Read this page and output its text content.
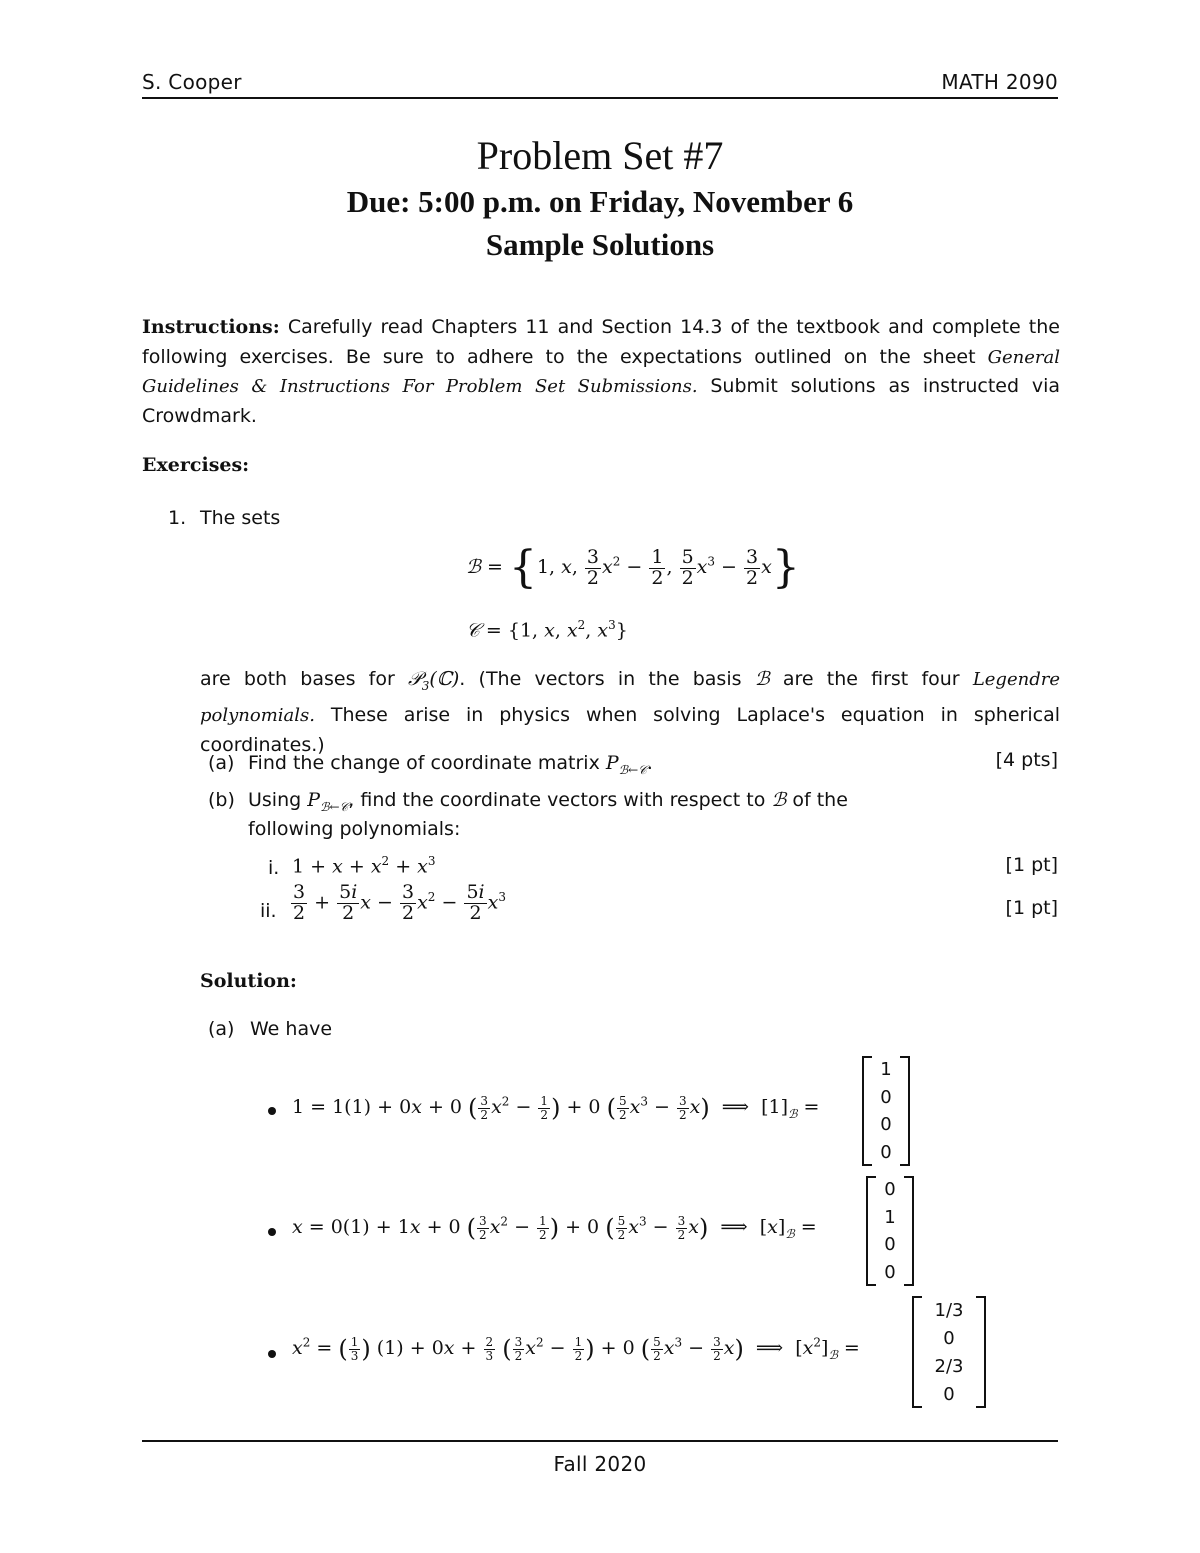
S. Cooper	MATH 2090
Problem Set #7
Due: 5:00 p.m. on Friday, November 6
Sample Solutions
Instructions: Carefully read Chapters 11 and Section 14.3 of the textbook and complete the following exercises. Be sure to adhere to the expectations outlined on the sheet General Guidelines & Instructions For Problem Set Submissions. Submit solutions as instructed via Crowdmark.
Exercises:
1. The sets
ℬ = {1, x, $\frac{3}{2} x^2 - \frac{1}{2}$ , $\frac{5}{2} x^3 - \frac{3}{2} x$}
𝒞 = {1, x, $x^2$, $x^3$}
are both bases for 𝒫$_3$(ℂ). (The vectors in the basis ℬ are the first four Legendre polynomials. These arise in physics when solving Laplace's equation in spherical coordinates.)
(a) Find the change of coordinate matrix $P_{ℬ\leftarrow 𝒞}$.	[4 pts]
(b) Using $P_{ℬ\leftarrow 𝒞}$, find the coordinate vectors with respect to ℬ of the
following polynomials:
i. $1 + x + x^2 + x^3$	[1 pt]
ii. $\frac{3}{2} + \frac{5i}{2}$ $x - \frac{3}{2} x^2 - \frac{5i}{2} x^3$	[1 pt]
Solution:
(a) We have
1 = 1(1) + 0x + 0 ( $\frac{3}{2} x^2 - \frac{1}{2}$ ) + 0 ( $\frac{5}{2} x^3 - \frac{3}{2} x$)  ⟹  $[1]_ℬ$ =
1
0
0
0
x = 0(1) + 1x + 0 ( $\frac{3}{2} x^2 - \frac{1}{2}$ ) + 0 ( $\frac{5}{2} x^3 - \frac{3}{2} x$)  ⟹  $[x]_ℬ$ =
0
1
0
0
$x^2$ = ( $\frac{1}{3}$ ) $(1) + 0x + \frac{2}{3}$ ( $\frac{3}{2} x^2 - \frac{1}{2}$ ) + 0 ( $\frac{5}{2} x^3 - \frac{3}{2} x$)  ⟹  $[x^2]_ℬ$ =
1/3
0
2/3
0
Fall 2020
